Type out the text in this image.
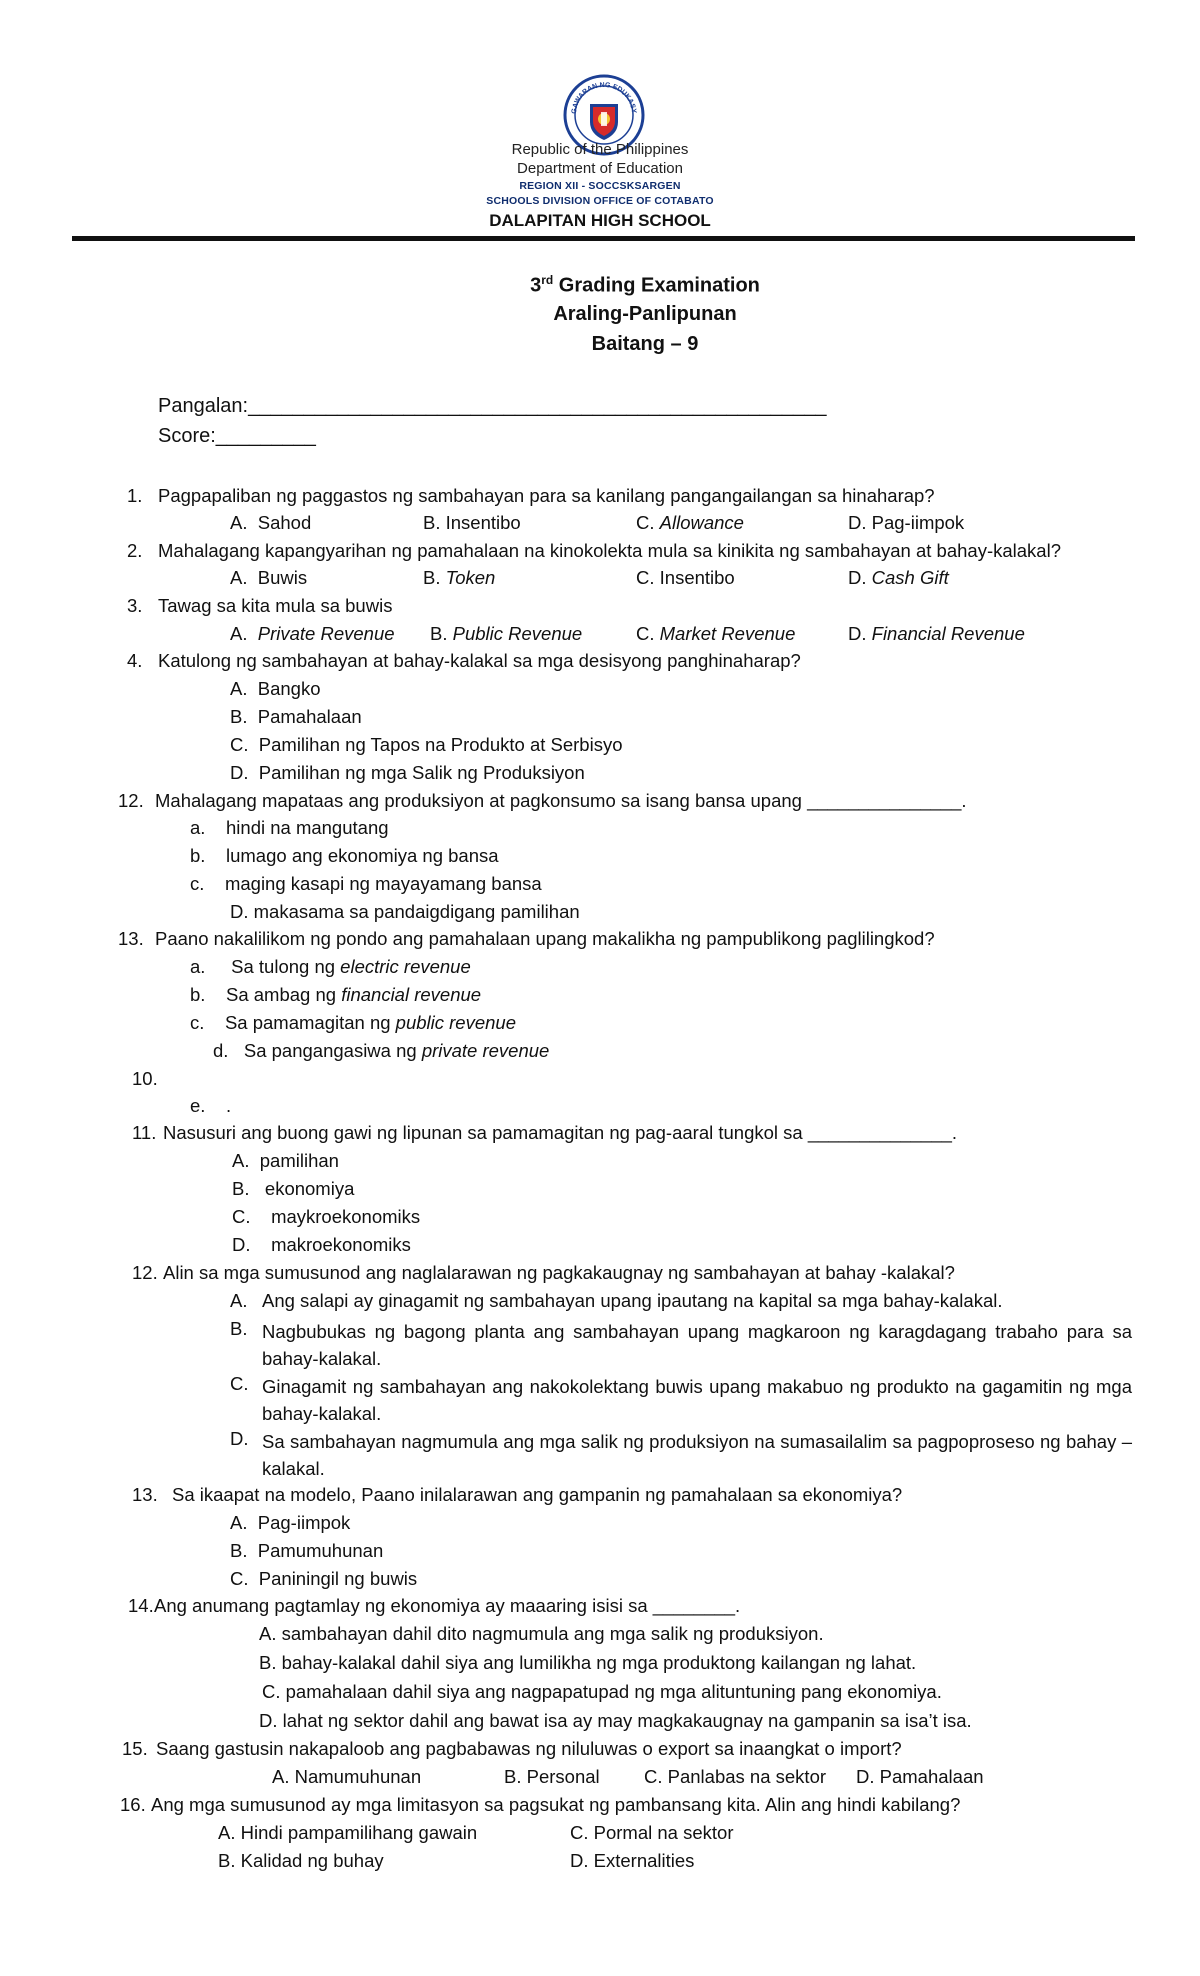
GAWARAN NG EDUKASY
Republic of the Philippines
Department of Education
REGION XII - SOCCSKSARGEN
SCHOOLS DIVISION OFFICE OF COTABATO
DALAPITAN HIGH SCHOOL
3rd Grading Examination
Araling-Panlipunan
Baitang – 9
Pangalan:____________________________________________________
Score:_________
1. Pagpapaliban ng paggastos ng sambahayan para sa kanilang pangangailangan sa hinaharap?
A. Sahod	B. Insentibo	C. Allowance	D. Pag-iimpok
2. Mahalagang kapangyarihan ng pamahalaan na kinokolekta mula sa kinikita ng sambahayan at bahay-kalakal?
A. Buwis	B. Token	C. Insentibo	D. Cash Gift
3. Tawag sa kita mula sa buwis
A. Private Revenue B. Public Revenue	C. Market Revenue	D. Financial Revenue
4. Katulong ng sambahayan at bahay-kalakal sa mga desisyong panghinaharap?
A. Bangko
B. Pamahalaan
C. Pamilihan ng Tapos na Produkto at Serbisyo
D. Pamilihan ng mga Salik ng Produksiyon
12. Mahalagang mapataas ang produksiyon at pagkonsumo sa isang bansa upang _______________.
a. hindi na mangutang
b. lumago ang ekonomiya ng bansa
c. maging kasapi ng mayayamang bansa
D. makasama sa pandaigdigang pamilihan
13. Paano nakalilikom ng pondo ang pamahalaan upang makalikha ng pampublikong paglilingkod?
a. Sa tulong ng electric revenue
b. Sa ambag ng financial revenue
c. Sa pamamagitan ng public revenue
d. Sa pangangasiwa ng private revenue
10.
e. .
11. Nasusuri ang buong gawi ng lipunan sa pamamagitan ng pag-aaral tungkol sa ______________.
A. pamilihan
B. ekonomiya
C. maykroekonomiks
D. makroekonomiks
12. Alin sa mga sumusunod ang naglalarawan ng pagkakaugnay ng sambahayan at bahay -kalakal?
A. Ang salapi ay ginagamit ng sambahayan upang ipautang na kapital sa mga bahay-kalakal.
B. Nagbubukas ng bagong planta ang sambahayan upang magkaroon ng karagdagang trabaho para sa bahay-kalakal.
C. Ginagamit ng sambahayan ang nakokolektang buwis upang makabuo ng produkto na gagamitin ng mga bahay-kalakal.
D. Sa sambahayan nagmumula ang mga salik ng produksiyon na sumasailalim sa pagpoproseso ng bahay –kalakal.
13. Sa ikaapat na modelo, Paano inilalarawan ang gampanin ng pamahalaan sa ekonomiya?
A. Pag-iimpok
B. Pamumuhunan
C. Paniningil ng buwis
14. Ang anumang pagtamlay ng ekonomiya ay maaaring isisi sa ________.
A. sambahayan dahil dito nagmumula ang mga salik ng produksiyon.
B. bahay-kalakal dahil siya ang lumilikha ng mga produktong kailangan ng lahat.
C. pamahalaan dahil siya ang nagpapatupad ng mga alituntuning pang ekonomiya.
D. lahat ng sektor dahil ang bawat isa ay may magkakaugnay na gampanin sa isa’t isa.
15. Saang gastusin nakapaloob ang pagbabawas ng niluluwas o export sa inaangkat o import?
A. Namumuhunan	B. Personal C. Panlabas na sektor D. Pamahalaan
16. Ang mga sumusunod ay mga limitasyon sa pagsukat ng pambansang kita. Alin ang hindi kabilang?
A. Hindi pampamilihang gawain	C. Pormal na sektor
B. Kalidad ng buhay	D. Externalities
